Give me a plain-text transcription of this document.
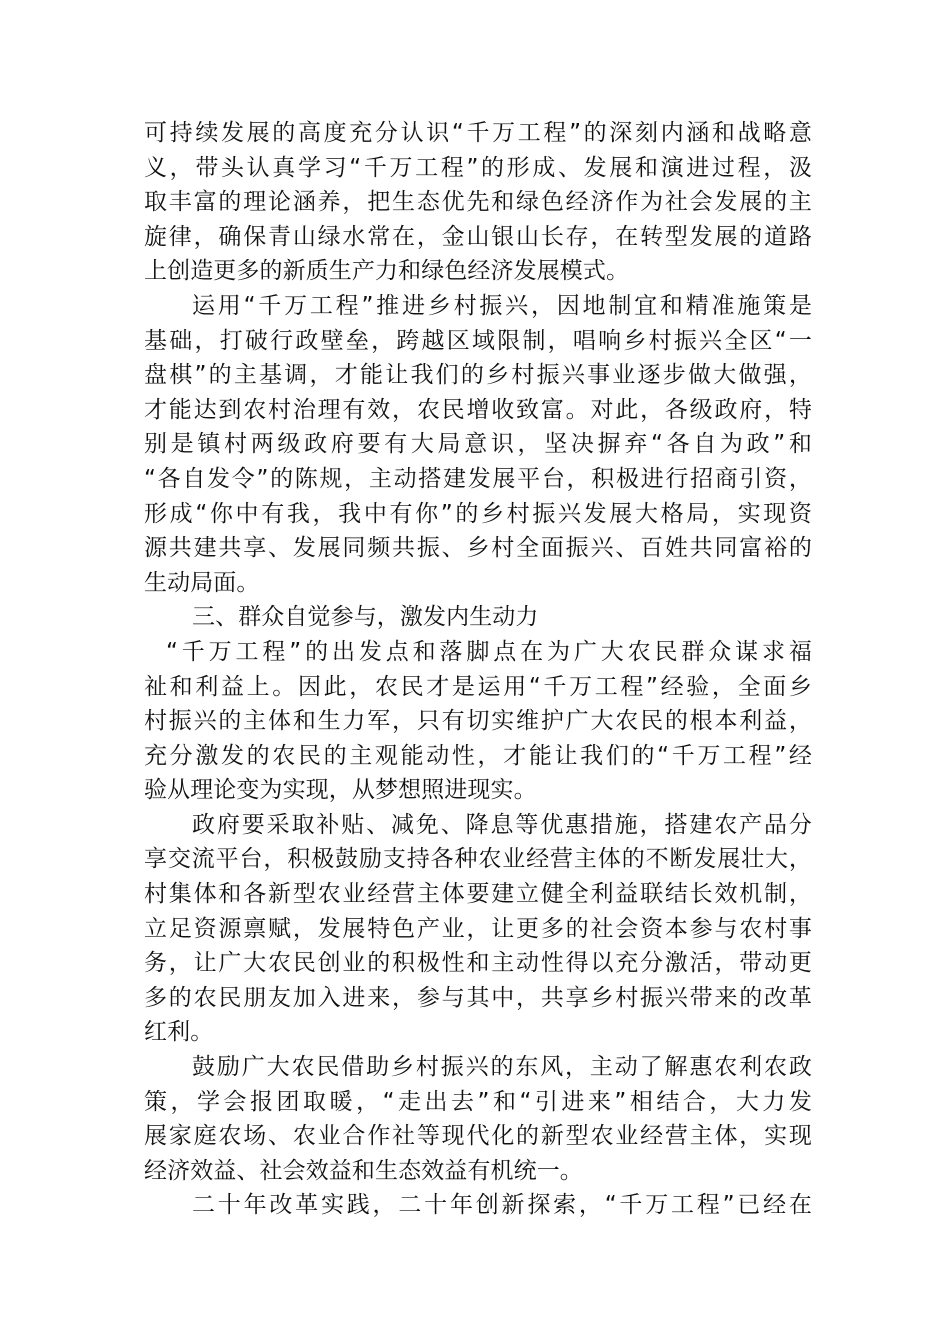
可持续发展的高度充分认识“千万工程”的深刻内涵和战略意
义，带头认真学习“千万工程”的形成、发展和演进过程，汲
取丰富的理论涵养，把生态优先和绿色经济作为社会发展的主
旋律，确保青山绿水常在，金山银山长存，在转型发展的道路
上创造更多的新质生产力和绿色经济发展模式。
运用“千万工程”推进乡村振兴，因地制宜和精准施策是
基础，打破行政壁垒，跨越区域限制，唱响乡村振兴全区“一
盘棋”的主基调，才能让我们的乡村振兴事业逐步做大做强，
才能达到农村治理有效，农民增收致富。对此，各级政府，特
别是镇村两级政府要有大局意识，坚决摒弃“各自为政”和
“各自发令”的陈规，主动搭建发展平台，积极进行招商引资，
形成“你中有我，我中有你”的乡村振兴发展大格局，实现资
源共建共享、发展同频共振、乡村全面振兴、百姓共同富裕的
生动局面。
三、群众自觉参与，激发内生动力
“千万工程”的出发点和落脚点在为广大农民群众谋求福
祉和利益上。因此，农民才是运用“千万工程”经验，全面乡
村振兴的主体和生力军，只有切实维护广大农民的根本利益，
充分激发的农民的主观能动性，才能让我们的“千万工程”经
验从理论变为实现，从梦想照进现实。
政府要采取补贴、减免、降息等优惠措施，搭建农产品分
享交流平台，积极鼓励支持各种农业经营主体的不断发展壮大，
村集体和各新型农业经营主体要建立健全利益联结长效机制，
立足资源禀赋，发展特色产业，让更多的社会资本参与农村事
务，让广大农民创业的积极性和主动性得以充分激活，带动更
多的农民朋友加入进来，参与其中，共享乡村振兴带来的改革
红利。
鼓励广大农民借助乡村振兴的东风，主动了解惠农利农政
策，学会报团取暖，“走出去”和“引进来”相结合，大力发
展家庭农场、农业合作社等现代化的新型农业经营主体，实现
经济效益、社会效益和生态效益有机统一。
二十年改革实践，二十年创新探索，“千万工程”已经在
